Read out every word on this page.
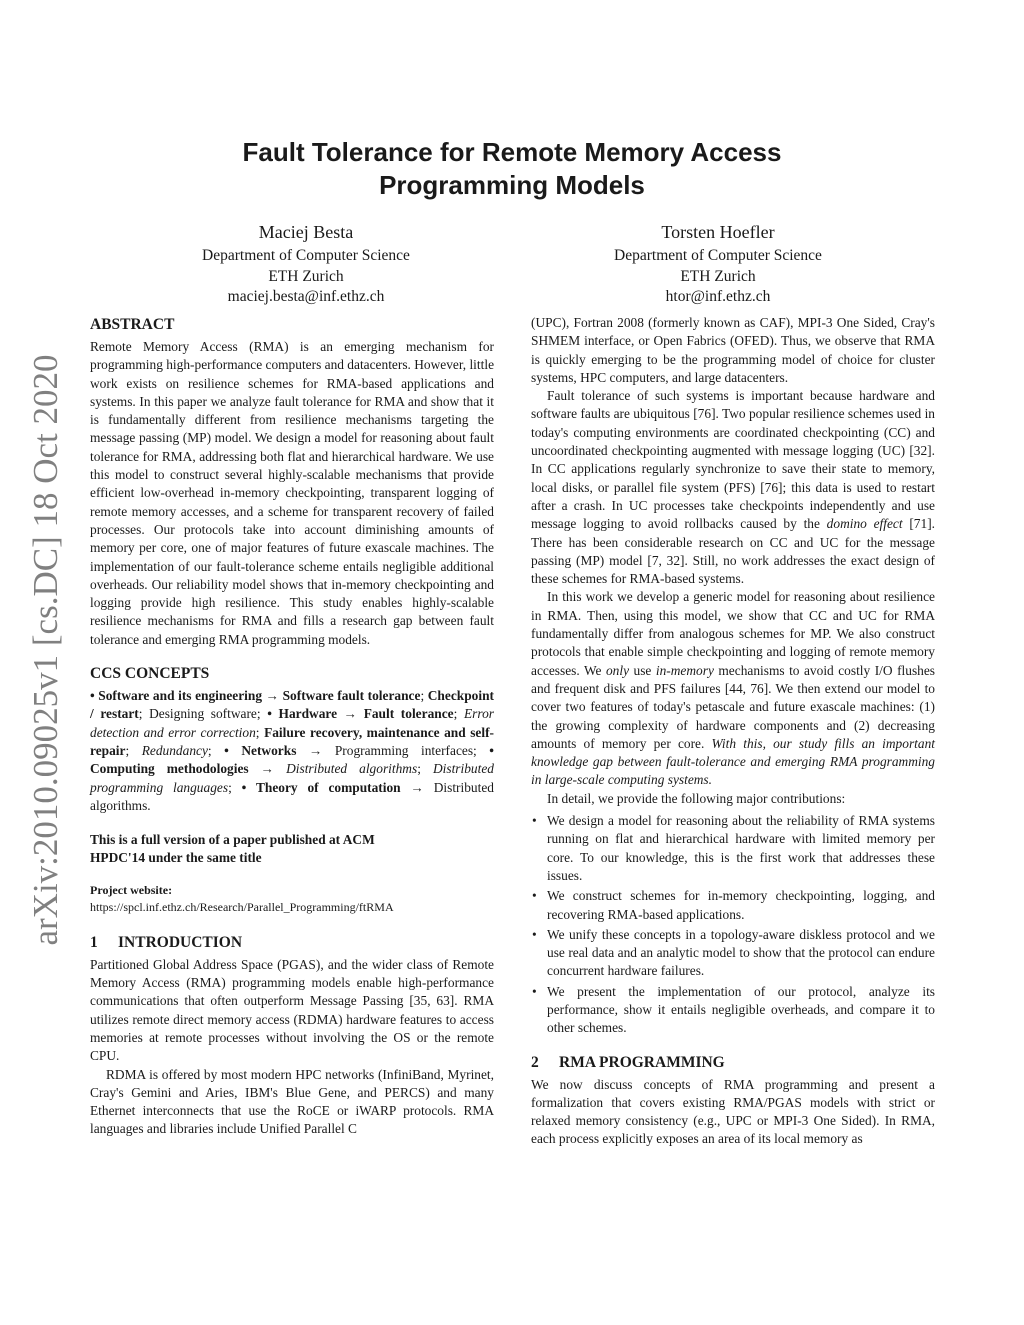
arXiv:2010.09025v1 [cs.DC] 18 Oct 2020
Fault Tolerance for Remote Memory Access
Programming Models
Maciej Besta
Department of Computer Science
ETH Zurich
maciej.besta@inf.ethz.ch
Torsten Hoefler
Department of Computer Science
ETH Zurich
htor@inf.ethz.ch
ABSTRACT

Remote Memory Access (RMA) is an emerging mechanism for programming high-performance computers and datacenters. However, little work exists on resilience schemes for RMA-based applications and systems. In this paper we analyze fault tolerance for RMA and show that it is fundamentally different from resilience mechanisms targeting the message passing (MP) model. We design a model for reasoning about fault tolerance for RMA, addressing both flat and hierarchical hardware. We use this model to construct several highly-scalable mechanisms that provide efficient low-overhead in-memory checkpointing, transparent logging of remote memory accesses, and a scheme for transparent recovery of failed processes. Our protocols take into account diminishing amounts of memory per core, one of major features of future exascale machines. The implementation of our fault-tolerance scheme entails negligible additional overheads. Our reliability model shows that in-memory checkpointing and logging provide high resilience. This study enables highly-scalable resilience mechanisms for RMA and fills a research gap between fault tolerance and emerging RMA programming models.

CCS CONCEPTS

• Software and its engineering → Software fault tolerance; Checkpoint / restart; Designing software; • Hardware → Fault tolerance; Error detection and error correction; Failure recovery, maintenance and self-repair; Redundancy; • Networks → Programming interfaces; • Computing methodologies → Distributed algorithms; Distributed programming languages; • Theory of computation → Distributed algorithms.

This is a full version of a paper published at ACM HPDC'14 under the same title

Project website:

https://spcl.inf.ethz.ch/Research/Parallel_Programming/ftRMA

1 INTRODUCTION

Partitioned Global Address Space (PGAS), and the wider class of Remote Memory Access (RMA) programming models enable high-performance communications that often outperform Message Passing [35, 63]. RMA utilizes remote direct memory access (RDMA) hardware features to access memories at remote processes without involving the OS or the remote CPU.

RDMA is offered by most modern HPC networks (InfiniBand, Myrinet, Cray's Gemini and Aries, IBM's Blue Gene, and PERCS) and many Ethernet interconnects that use the RoCE or iWARP protocols. RMA languages and libraries include Unified Parallel C

(UPC), Fortran 2008 (formerly known as CAF), MPI-3 One Sided, Cray's SHMEM interface, or Open Fabrics (OFED). Thus, we observe that RMA is quickly emerging to be the programming model of choice for cluster systems, HPC computers, and large datacenters.

Fault tolerance of such systems is important because hardware and software faults are ubiquitous [76]. Two popular resilience schemes used in today's computing environments are coordinated checkpointing (CC) and uncoordinated checkpointing augmented with message logging (UC) [32]. In CC applications regularly synchronize to save their state to memory, local disks, or parallel file system (PFS) [76]; this data is used to restart after a crash. In UC processes take checkpoints independently and use message logging to avoid rollbacks caused by the domino effect [71]. There has been considerable research on CC and UC for the message passing (MP) model [7, 32]. Still, no work addresses the exact design of these schemes for RMA-based systems.

In this work we develop a generic model for reasoning about resilience in RMA. Then, using this model, we show that CC and UC for RMA fundamentally differ from analogous schemes for MP. We also construct protocols that enable simple checkpointing and logging of remote memory accesses. We only use in-memory mechanisms to avoid costly I/O flushes and frequent disk and PFS failures [44, 76]. We then extend our model to cover two features of today's petascale and future exascale machines: (1) the growing complexity of hardware components and (2) decreasing amounts of memory per core. With this, our study fills an important knowledge gap between fault-tolerance and emerging RMA programming in large-scale computing systems.

In detail, we provide the following major contributions:

• We design a model for reasoning about the reliability of RMA systems running on flat and hierarchical hardware with limited memory per core. To our knowledge, this is the first work that addresses these issues.
• We construct schemes for in-memory checkpointing, logging, and recovering RMA-based applications.
• We unify these concepts in a topology-aware diskless protocol and we use real data and an analytic model to show that the protocol can endure concurrent hardware failures.
• We present the implementation of our protocol, analyze its performance, show it entails negligible overheads, and compare it to other schemes.
2 RMA PROGRAMMING

We now discuss concepts of RMA programming and present a formalization that covers existing RMA/PGAS models with strict or relaxed memory consistency (e.g., UPC or MPI-3 One Sided). In RMA, each process explicitly exposes an area of its local memory as
